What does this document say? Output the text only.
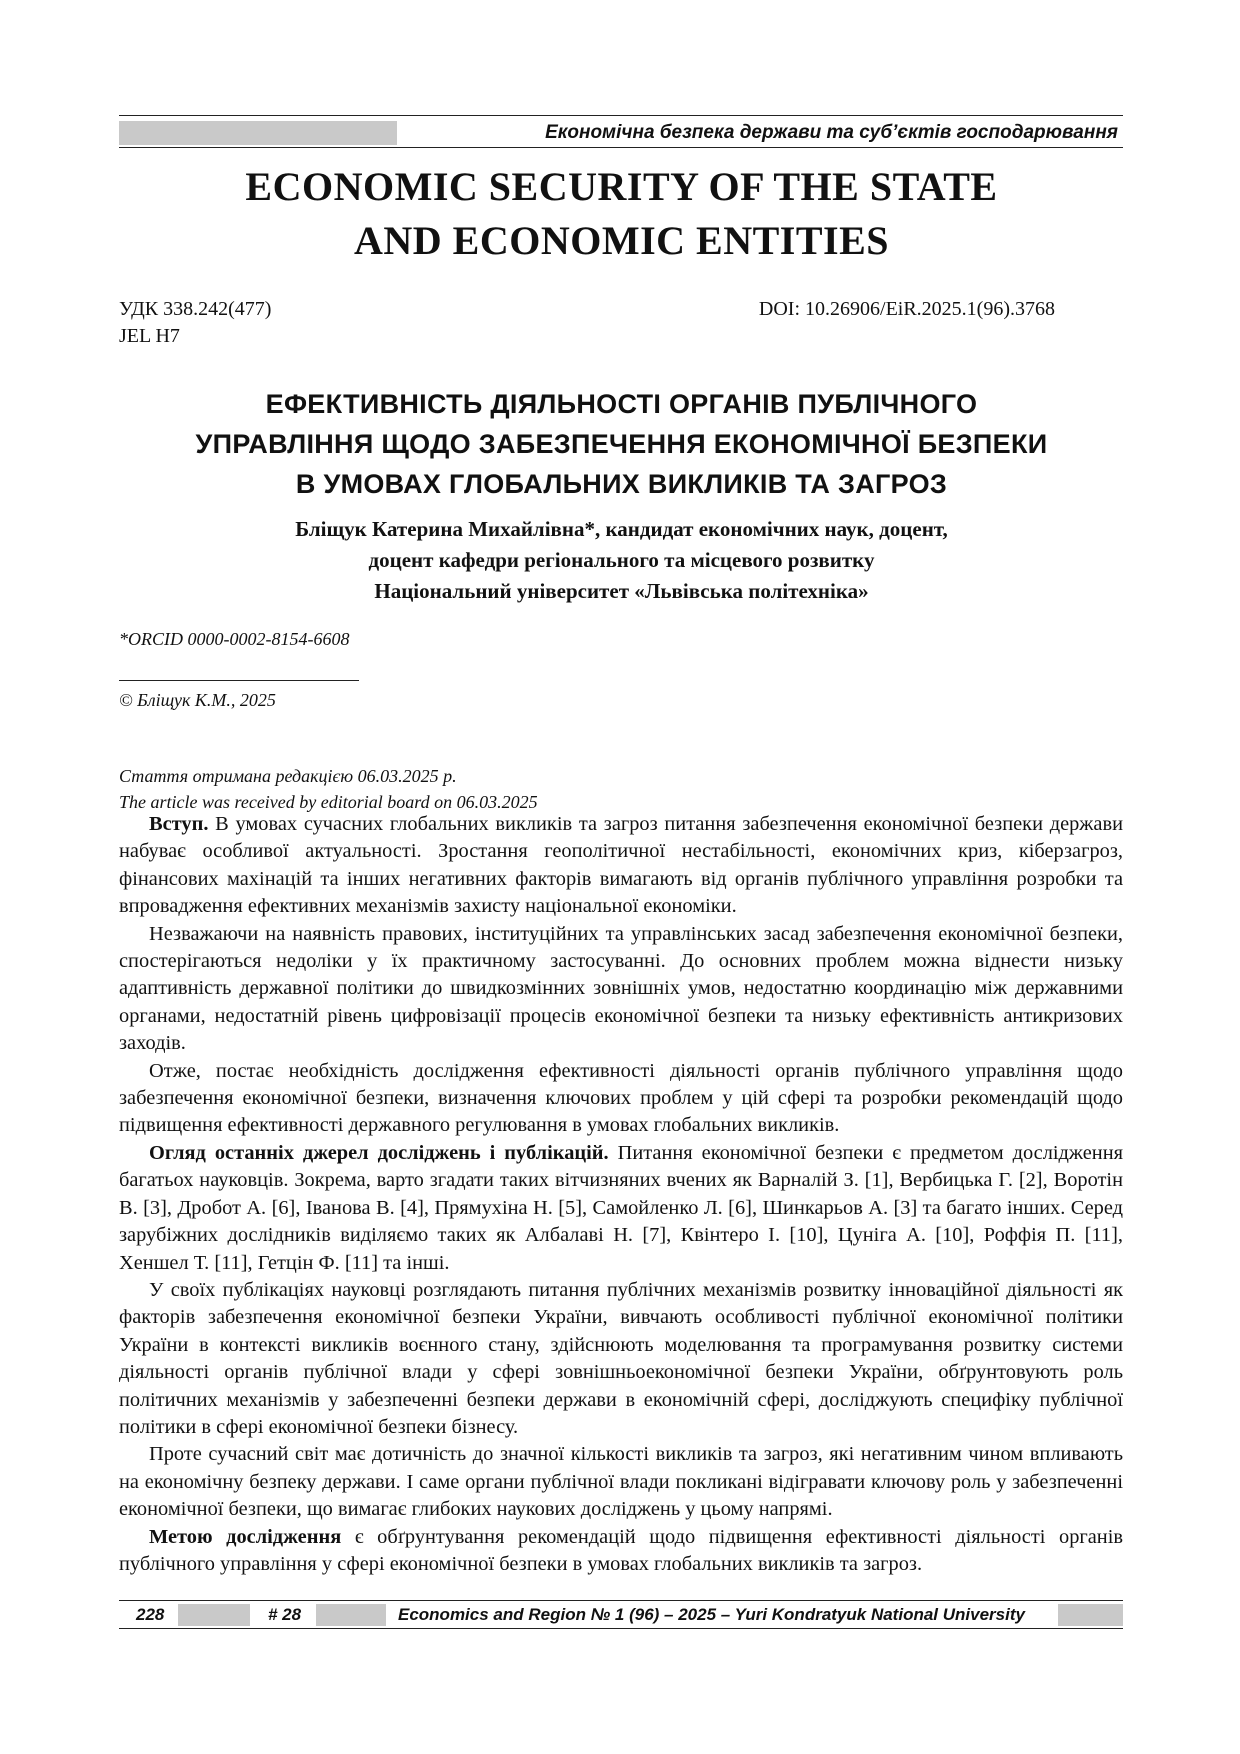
Економічна безпека держави та суб’єктів господарювання
ECONOMIC SECURITY OF THE STATE
AND ECONOMIC ENTITIES
УДК 338.242(477)
JEL H7
DOI: 10.26906/EiR.2025.1(96).3768
ЕФЕКТИВНІСТЬ ДІЯЛЬНОСТІ ОРГАНІВ ПУБЛІЧНОГО
УПРАВЛІННЯ ЩОДО ЗАБЕЗПЕЧЕННЯ ЕКОНОМІЧНОЇ БЕЗПЕКИ
В УМОВАХ ГЛОБАЛЬНИХ ВИКЛИКІВ ТА ЗАГРОЗ
Бліщук Катерина Михайлівна*, кандидат економічних наук, доцент,
доцент кафедри регіонального та місцевого розвитку
Національний університет «Львівська політехніка»
*ORCID 0000-0002-8154-6608
© Бліщук К.М., 2025
Стаття отримана редакцією 06.03.2025 р.
The article was received by editorial board on 06.03.2025

Вступ. В умовах сучасних глобальних викликів та загроз питання забезпечення економічної безпеки держави набуває особливої актуальності. Зростання геополітичної нестабільності, економічних криз, кіберзагроз, фінансових махінацій та інших негативних факторів вимагають від органів публічного управління розробки та впровадження ефективних механізмів захисту національної економіки.

Незважаючи на наявність правових, інституційних та управлінських засад забезпечення економічної безпеки, спостерігаються недоліки у їх практичному застосуванні. До основних проблем можна віднести низьку адаптивність державної політики до швидкозмінних зовнішніх умов, недостатню координацію між державними органами, недостатній рівень цифровізації процесів економічної безпеки та низьку ефективність антикризових заходів.

Отже, постає необхідність дослідження ефективності діяльності органів публічного управління щодо забезпечення економічної безпеки, визначення ключових проблем у цій сфері та розробки рекомендацій щодо підвищення ефективності державного регулювання в умовах глобальних викликів.

Огляд останніх джерел досліджень і публікацій. Питання економічної безпеки є предметом дослідження багатьох науковців. Зокрема, варто згадати таких вітчизняних вчених як Варналій З. [1], Вербицька Г. [2], Воротін В. [3], Дробот А. [6], Іванова В. [4], Прямухіна Н. [5], Самойленко Л. [6], Шинкарьов А. [3] та багато інших. Серед зарубіжних дослідників виділяємо таких як Албалаві Н. [7], Квінтеро І. [10], Цуніга А. [10], Роффія П. [11], Хеншел Т. [11], Гетцін Ф. [11] та інші.

У своїх публікаціях науковці розглядають питання публічних механізмів розвитку інноваційної діяльності як факторів забезпечення економічної безпеки України, вивчають особливості публічної економічної політики України в контексті викликів воєнного стану, здійснюють моделювання та програмування розвитку системи діяльності органів публічної влади у сфері зовнішньоекономічної безпеки України, обґрунтовують роль політичних механізмів у забезпеченні безпеки держави в економічній сфері, досліджують специфіку публічної політики в сфері економічної безпеки бізнесу.

Проте сучасний світ має дотичність до значної кількості викликів та загроз, які негативним чином впливають на економічну безпеку держави. І саме органи публічної влади покликані відігравати ключову роль у забезпеченні економічної безпеки, що вимагає глибоких наукових досліджень у цьому напрямі.

Метою дослідження є обґрунтування рекомендацій щодо підвищення ефективності діяльності органів публічного управління у сфері економічної безпеки в умовах глобальних викликів та загроз.

228	# 28	Economics and Region № 1 (96) – 2025 – Yuri Kondratyuk National University
